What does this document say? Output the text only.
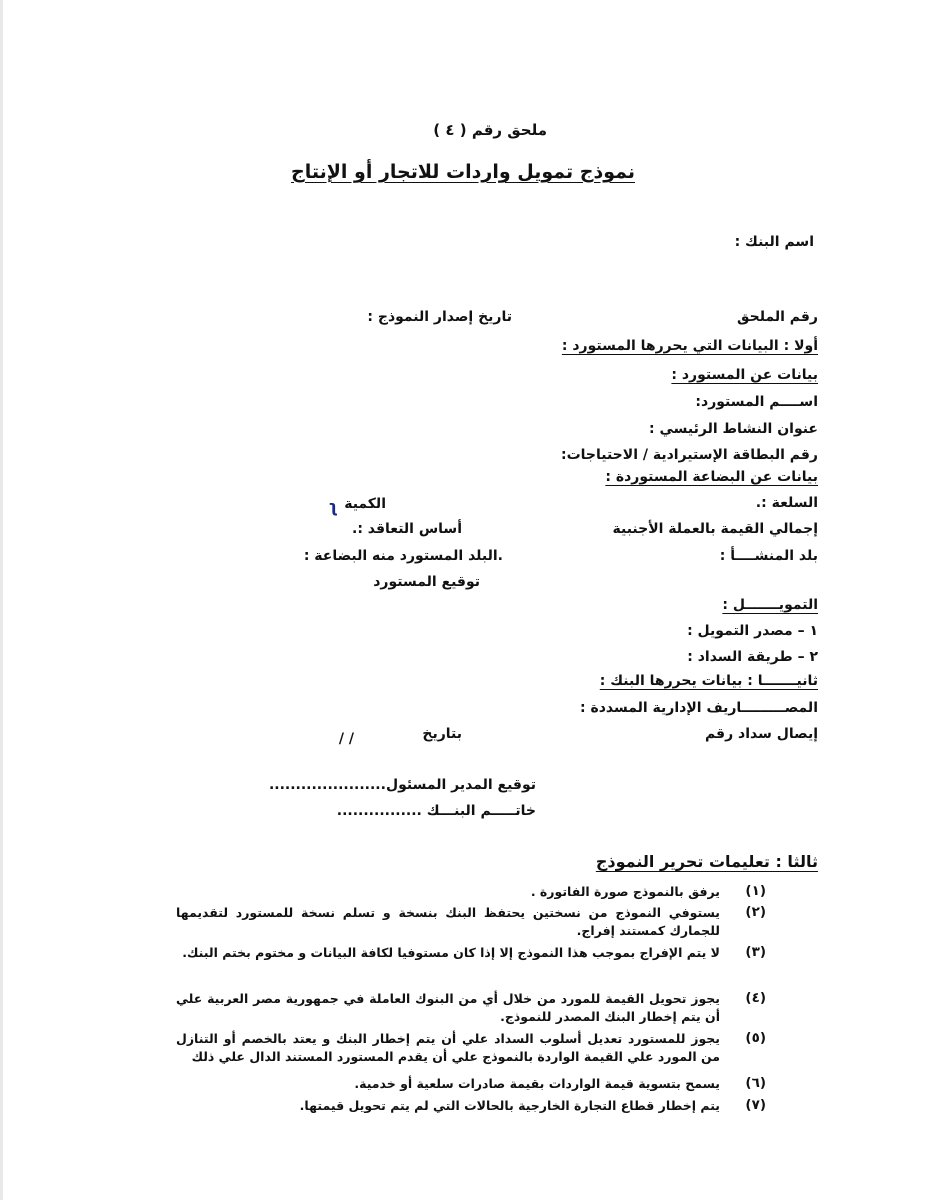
ملحق رقم ( ٤ )
نموذج تمويل واردات للاتجار أو الإنتاج
اسم البنك :
رقم الملحق
تاريخ إصدار النموذج :
أولا : البيانات التي يحررها المستورد :
بيانات عن المستورد :
اســــم المستورد:
عنوان النشاط الرئيسي :
رقم البطاقة الإستيرادية / الاحتياجات:
بيانات عن البضاعة المستوردة :
السلعة :.
الكمية
ʅ
إجمالي القيمة بالعملة الأجنبية
أساس التعاقد :.
بلد المنشــــأ :
.البلد المستورد منه البضاعة :
توقيع المستورد
التمويـــــــل :
١ – مصدر التمويل :
٢ – طريقة السداد :
ثانيـــــــا : بيانات يحررها البنك :
المصـــــــــاريف الإدارية المسددة :
إيصال سداد رقم
بتاريخ
/ /
توقيع المدير المسئول......................
خاتـــــم البنـــك ................
ثالثا : تعليمات تحرير النموذج
(١)
يرفق بالنموذج صورة الفاتورة .
(٢)
يستوفي النموذج من نسختين يحتفظ البنك بنسخة و تسلم نسخة للمستورد لتقديمها للجمارك كمستند إفراج.
(٣)
لا يتم الإفراج بموجب هذا النموذج إلا إذا كان مستوفيا لكافة البيانات و مختوم بختم البنك.
(٤)
يجوز تحويل القيمة للمورد من خلال أي من البنوك العاملة في جمهورية مصر العربية علي أن يتم إخطار البنك المصدر للنموذج.
(٥)
يجوز للمستورد تعديل أسلوب السداد علي أن يتم إخطار البنك و يعتد بالخصم أو التنازل من المورد علي القيمة الواردة بالنموذج علي أن يقدم المستورد المستند الدال علي ذلك
(٦)
يسمح بتسوية قيمة الواردات بقيمة صادرات سلعية أو خدمية.
(٧)
يتم إخطار قطاع التجارة الخارجية بالحالات التي لم يتم تحويل قيمتها.
